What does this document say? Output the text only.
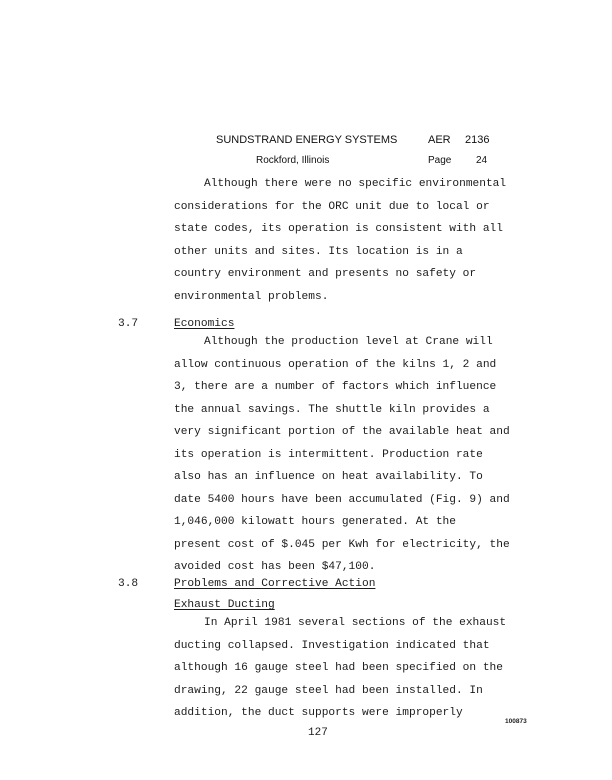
SUNDSTRAND ENERGY SYSTEMS	AER 2136
Rockford, Illinois	Page 24
Although there were no specific environmental
considerations for the ORC unit due to local or
state codes, its operation is consistent with all
other units and sites. Its location is in a
country environment and presents no safety or
environmental problems.
3.7	Economics
Although the production level at Crane will
allow continuous operation of the kilns 1, 2 and
3, there are a number of factors which influence
the annual savings. The shuttle kiln provides a
very significant portion of the available heat and
its operation is intermittent. Production rate
also has an influence on heat availability. To
date 5400 hours have been accumulated (Fig. 9) and
1,046,000 kilowatt hours generated. At the
present cost of $.045 per Kwh for electricity, the
avoided cost has been $47,100.
3.8	Problems and Corrective Action
Exhaust Ducting
In April 1981 several sections of the exhaust
ducting collapsed. Investigation indicated that
although 16 gauge steel had been specified on the
drawing, 22 gauge steel had been installed. In
addition, the duct supports were improperly
100873
127
